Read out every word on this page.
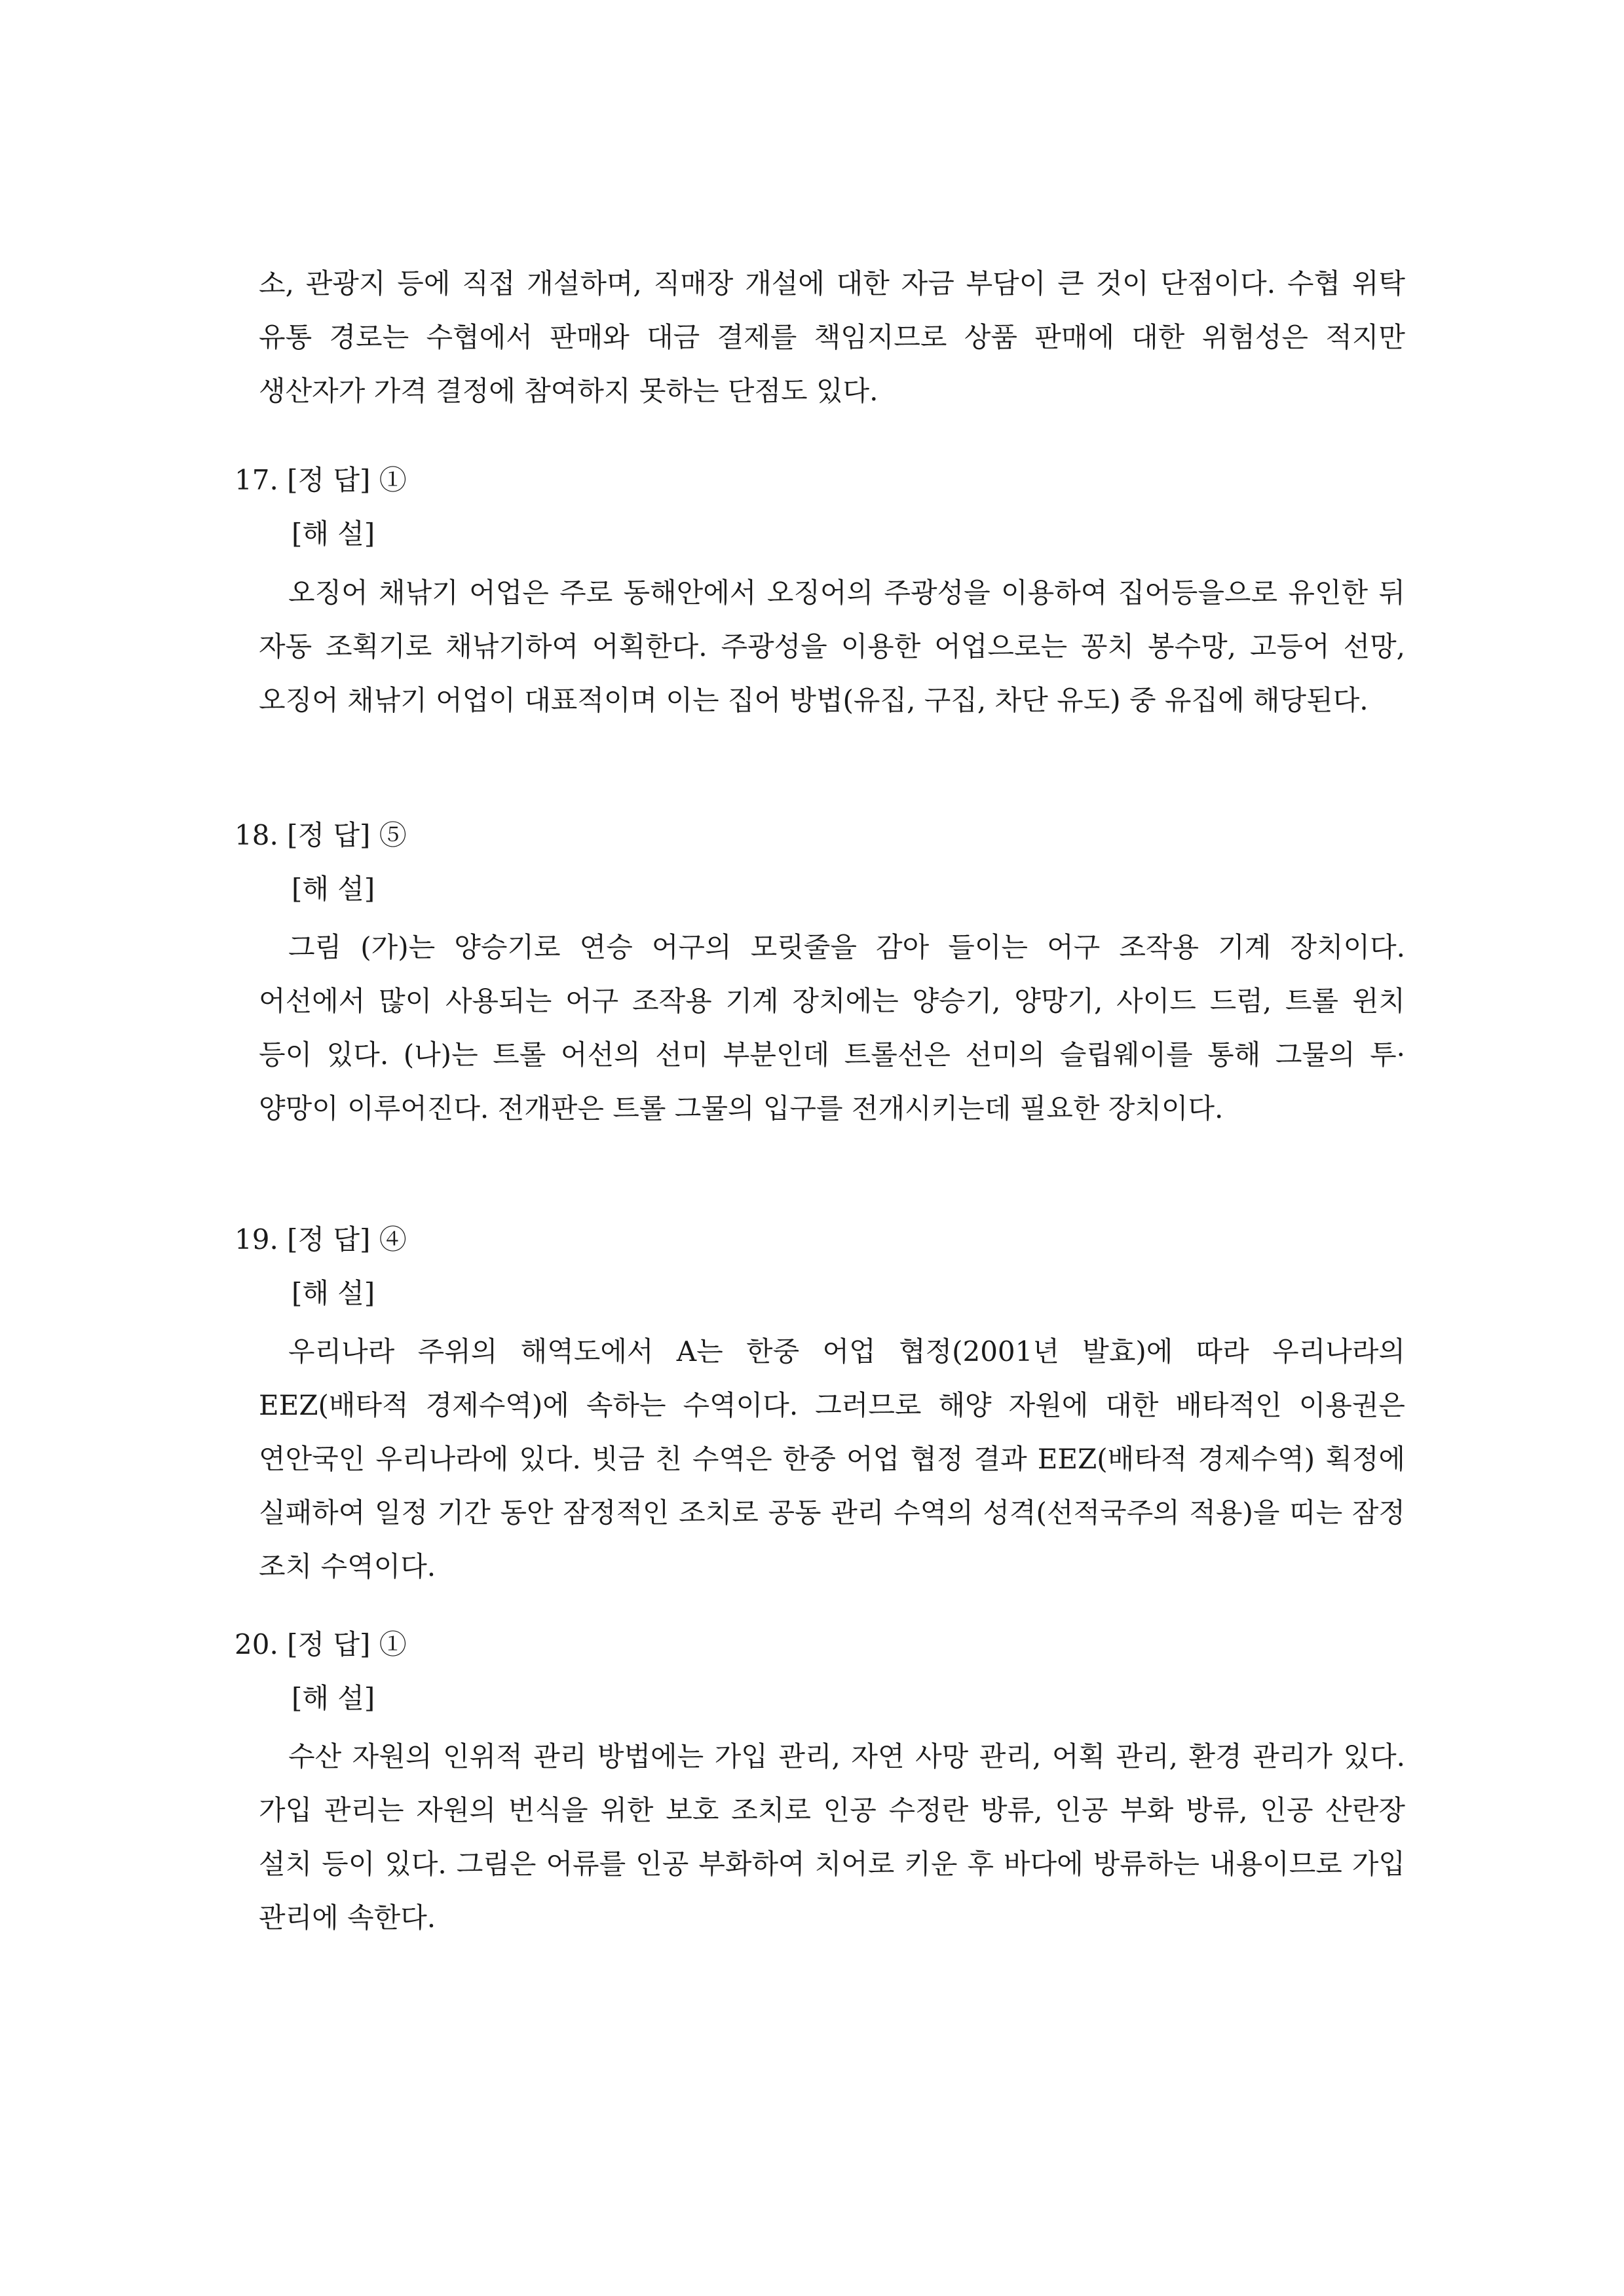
소, 관광지 등에 직접 개설하며, 직매장 개설에 대한 자금 부담이 큰 것이 단점이다. 수협 위탁 유통 경로는 수협에서 판매와 대금 결제를 책임지므로 상품 판매에 대한 위험성은 적지만 생산자가 가격 결정에 참여하지 못하는 단점도 있다.

17. [정 답] ①
[해 설]

오징어 채낚기 어업은 주로 동해안에서 오징어의 주광성을 이용하여 집어등을으로 유인한 뒤 자동 조획기로 채낚기하여 어획한다. 주광성을 이용한 어업으로는 꽁치 봉수망, 고등어 선망, 오징어 채낚기 어업이 대표적이며 이는 집어 방법(유집, 구집, 차단 유도) 중 유집에 해당된다.

18. [정 답] ⑤
[해 설]

그림 (가)는 양승기로 연승 어구의 모릿줄을 감아 들이는 어구 조작용 기계 장치이다. 어선에서 많이 사용되는 어구 조작용 기계 장치에는 양승기, 양망기, 사이드 드럼, 트롤 윈치 등이 있다. (나)는 트롤 어선의 선미 부분인데 트롤선은 선미의 슬립웨이를 통해 그물의 투·양망이 이루어진다. 전개판은 트롤 그물의 입구를 전개시키는데 필요한 장치이다.

19. [정 답] ④
[해 설]

우리나라 주위의 해역도에서 A는 한중 어업 협정(2001년 발효)에 따라 우리나라의 EEZ(배타적 경제수역)에 속하는 수역이다. 그러므로 해양 자원에 대한 배타적인 이용권은 연안국인 우리나라에 있다. 빗금 친 수역은 한중 어업 협정 결과 EEZ(배타적 경제수역) 획정에 실패하여 일정 기간 동안 잠정적인 조치로 공동 관리 수역의 성격(선적국주의 적용)을 띠는 잠정 조치 수역이다.

20. [정 답] ①
[해 설]

수산 자원의 인위적 관리 방법에는 가입 관리, 자연 사망 관리, 어획 관리, 환경 관리가 있다. 가입 관리는 자원의 번식을 위한 보호 조치로 인공 수정란 방류, 인공 부화 방류, 인공 산란장 설치 등이 있다. 그림은 어류를 인공 부화하여 치어로 키운 후 바다에 방류하는 내용이므로 가입 관리에 속한다.
